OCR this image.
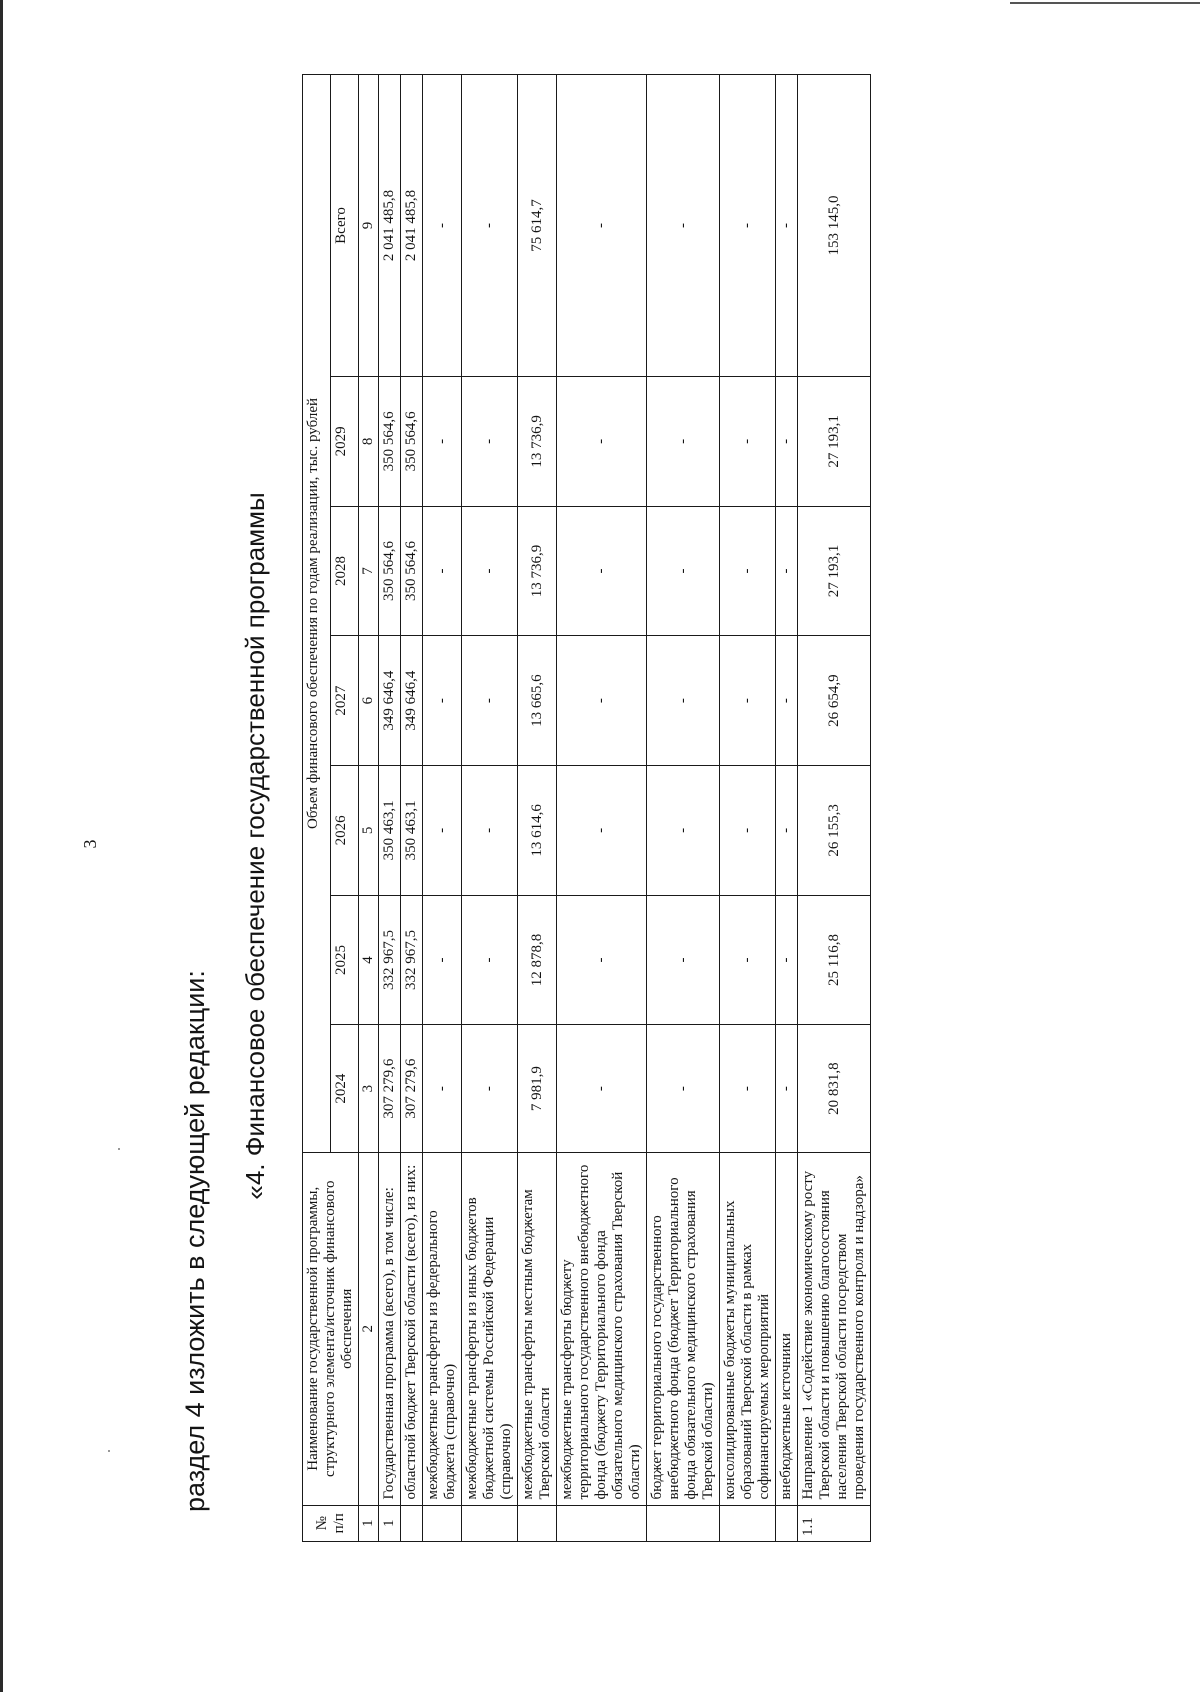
3
раздел 4 изложить в следующей редакции:
«4. Финансовое обеспечение государственной программы
№ п/п	Наименование государственной программы, структурного элемента/источник финансового обеспечения	Объем финансового обеспечения по годам реализации, тыс. рублей						
		2024	2025	2026	2027	2028	2029	Всего
1	2	3	4	5	6	7	8	9
1	Государственная программа (всего), в том числе:	307 279,6	332 967,5	350 463,1	349 646,4	350 564,6	350 564,6	2 041 485,8
	областной бюджет Тверской области (всего), из них:	307 279,6	332 967,5	350 463,1	349 646,4	350 564,6	350 564,6	2 041 485,8
	межбюджетные трансферты из федерального бюджета (справочно)	-	-	-	-	-	-	-
	межбюджетные трансферты из иных бюджетов бюджетной системы Российской Федерации (справочно)	-	-	-	-	-	-	-
	межбюджетные трансферты местным бюджетам Тверской области	7 981,9	12 878,8	13 614,6	13 665,6	13 736,9	13 736,9	75 614,7
	межбюджетные трансферты бюджету территориального государственного внебюджетного фонда (бюджету Территориального фонда обязательного медицинского страхования Тверской области)	-	-	-	-	-	-	-
	бюджет территориального государственного внебюджетного фонда (бюджет Территориального фонда обязательного медицинского страхования Тверской области)	-	-	-	-	-	-	-
	консолидированные бюджеты муниципальных образований Тверской области в рамках софинансируемых мероприятий	-	-	-	-	-	-	-
	внебюджетные источники	-	-	-	-	-	-	-
1.1	Направление 1 «Содействие экономическому росту Тверской области и повышению благосостояния населения Тверской области посредством проведения государственного контроля и надзора»	20 831,8	25 116,8	26 155,3	26 654,9	27 193,1	27 193,1	153 145,0
